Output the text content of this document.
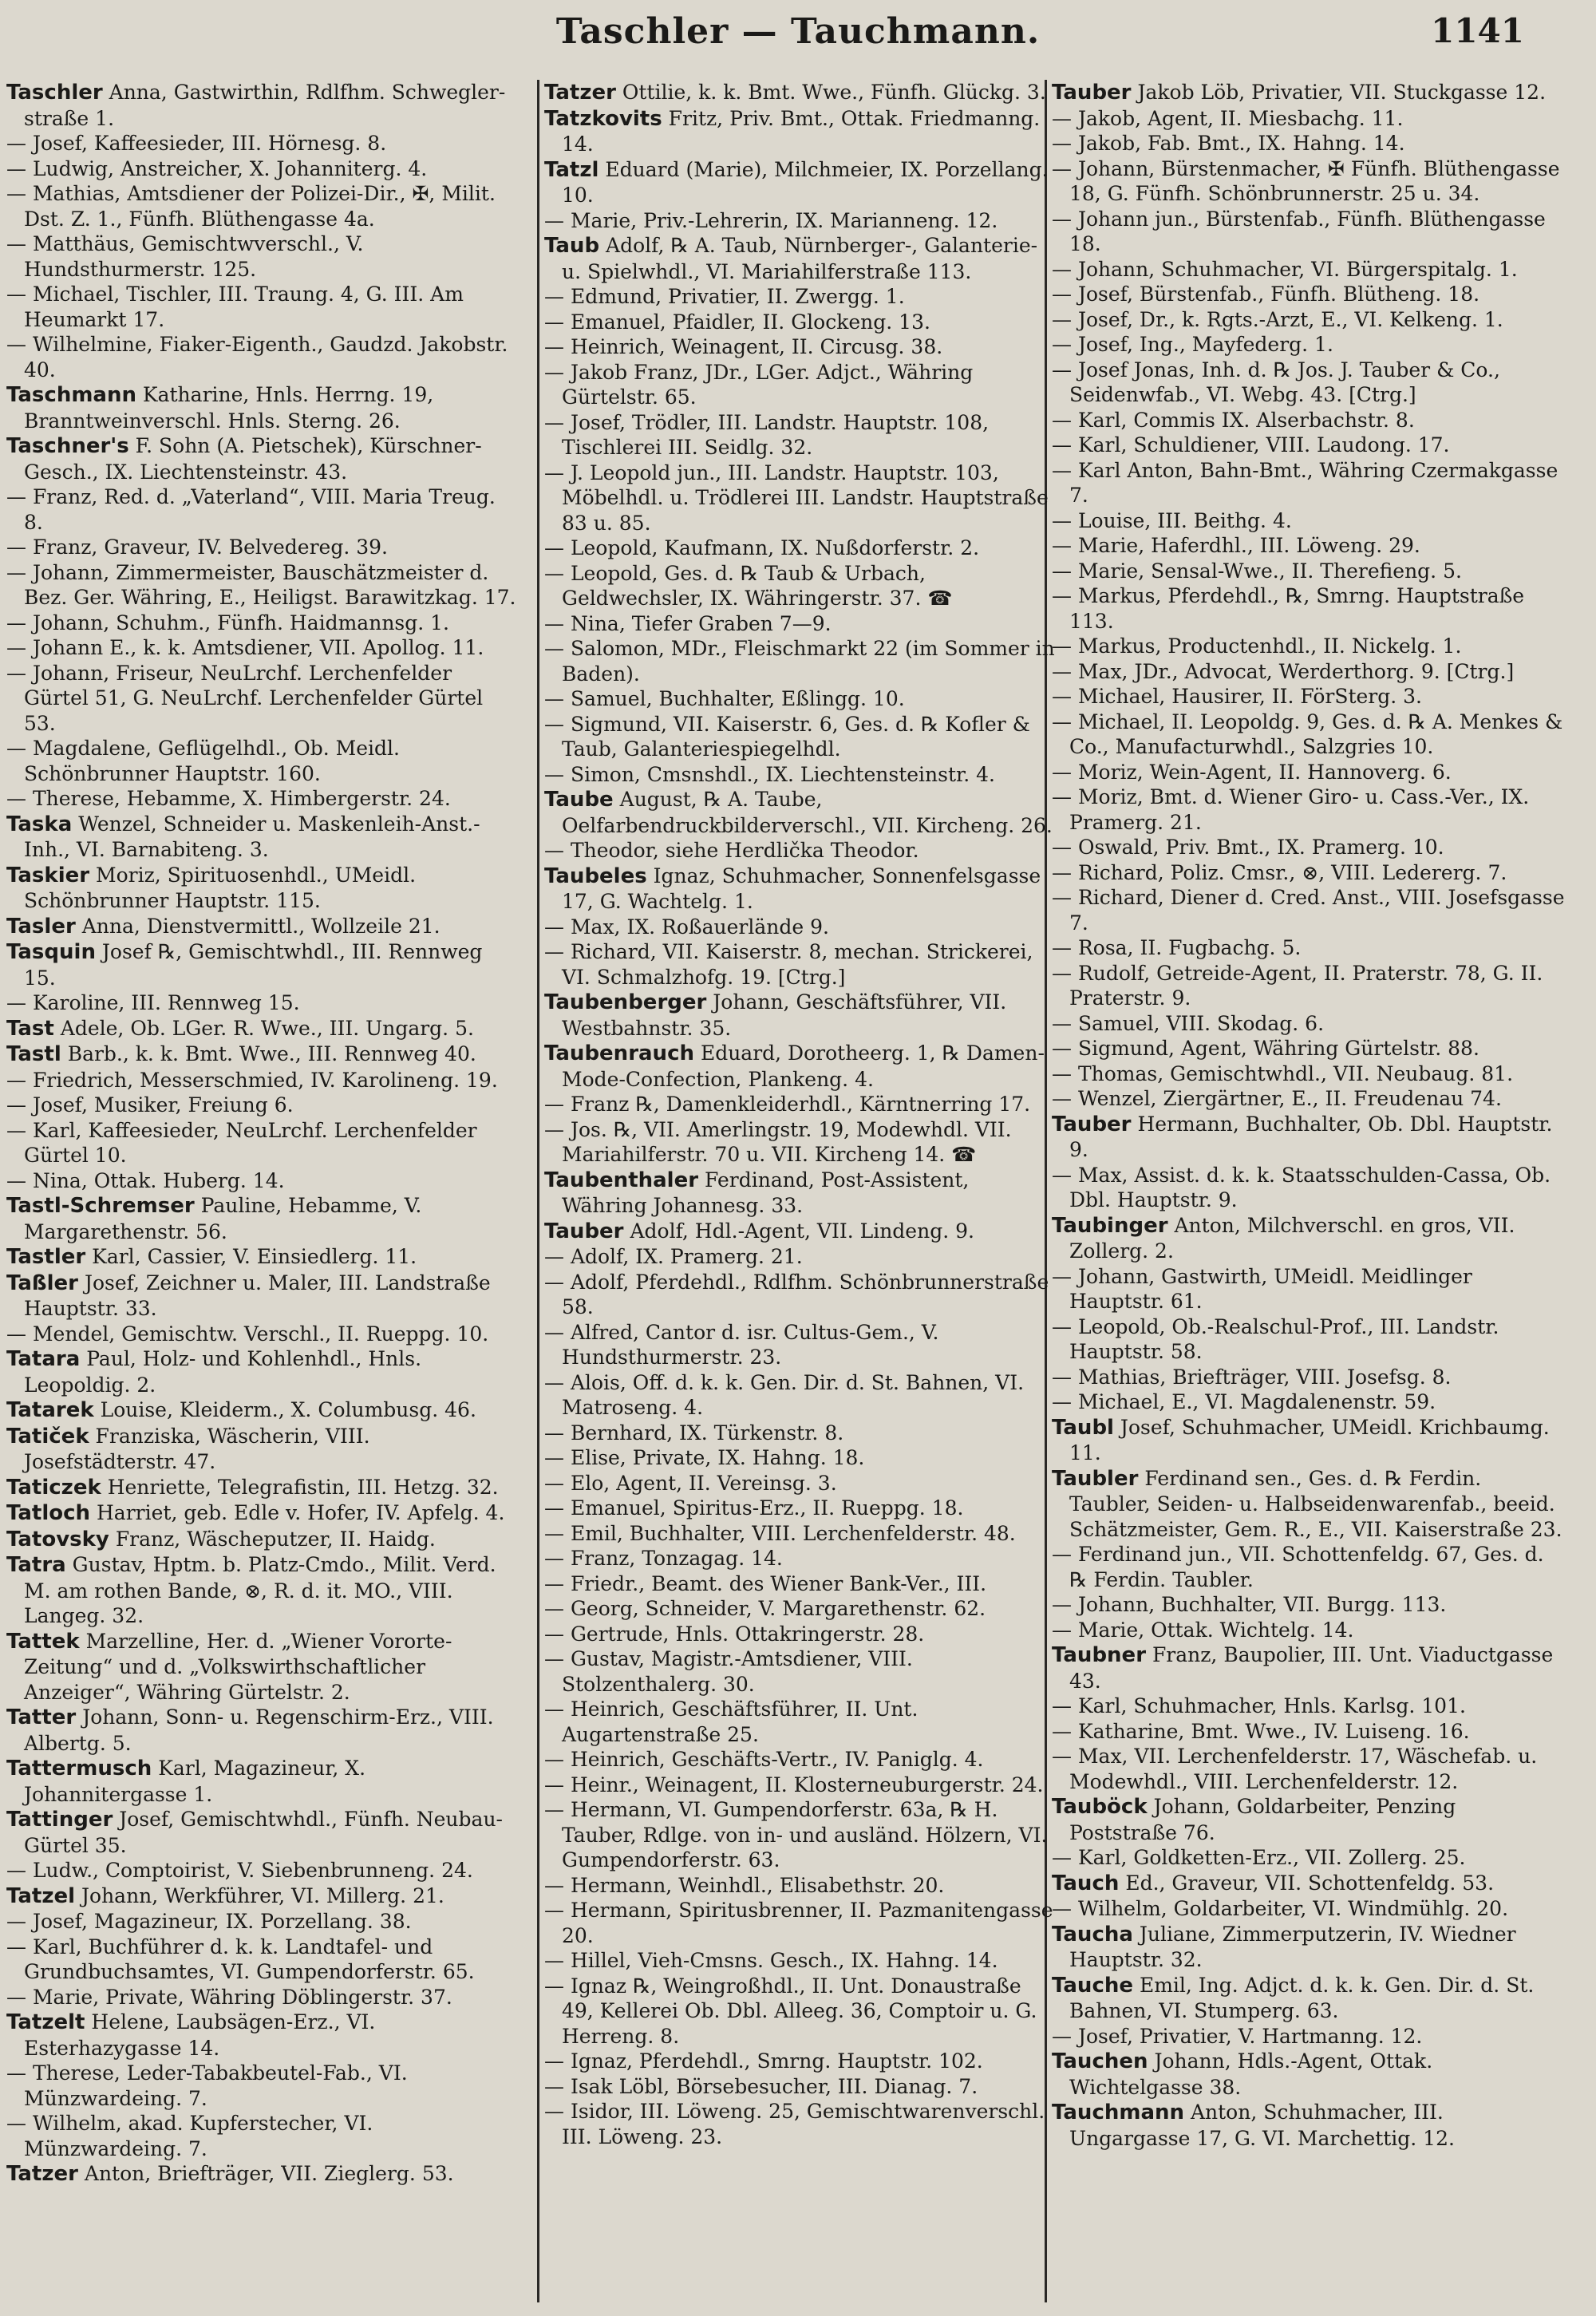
Taschler — Tauchmann.	1141

Taschler Anna, Gastwirthin, Rdlfhm. Schweglerstraße 1.

— Josef, Kaffeesieder, III. Hörnesg. 8.

— Ludwig, Anstreicher, X. Johanniterg. 4.

— Mathias, Amtsdiener der Polizei-Dir., ✠, Milit. Dst. Z. 1., Fünfh. Blüthengasse 4a.

— Matthäus, Gemischtwverschl., V. Hundsthurmerstr. 125.

— Michael, Tischler, III. Traung. 4, G. III. Am Heumarkt 17.

— Wilhelmine, Fiaker-Eigenth., Gaudzd. Jakobstr. 40.

Taschmann Katharine, Hnls. Herrng. 19, Branntweinverschl. Hnls. Sterng. 26.

Taschner's F. Sohn (A. Pietschek), Kürschner-Gesch., IX. Liechtensteinstr. 43.

— Franz, Red. d. „Vaterland“, VIII. Maria Treug. 8.

— Franz, Graveur, IV. Belvedereg. 39.

— Johann, Zimmermeister, Bauschätzmeister d. Bez. Ger. Währing, E., Heiligst. Barawitzkag. 17.

— Johann, Schuhm., Fünfh. Haidmannsg. 1.

— Johann E., k. k. Amtsdiener, VII. Apollog. 11.

— Johann, Friseur, NeuLrchf. Lerchenfelder Gürtel 51, G. NeuLrchf. Lerchenfelder Gürtel 53.

— Magdalene, Geflügelhdl., Ob. Meidl. Schönbrunner Hauptstr. 160.

— Therese, Hebamme, X. Himbergerstr. 24.

Taska Wenzel, Schneider u. Maskenleih-Anst.-Inh., VI. Barnabiteng. 3.

Taskier Moriz, Spirituosenhdl., UMeidl. Schönbrunner Hauptstr. 115.

Tasler Anna, Dienstvermittl., Wollzeile 21.

Tasquin Josef ℞, Gemischtwhdl., III. Rennweg 15.

— Karoline, III. Rennweg 15.

Tast Adele, Ob. LGer. R. Wwe., III. Ungarg. 5.

Tastl Barb., k. k. Bmt. Wwe., III. Rennweg 40.

— Friedrich, Messerschmied, IV. Karolineng. 19.

— Josef, Musiker, Freiung 6.

— Karl, Kaffeesieder, NeuLrchf. Lerchenfelder Gürtel 10.

— Nina, Ottak. Huberg. 14.

Tastl-Schremser Pauline, Hebamme, V. Margarethenstr. 56.

Tastler Karl, Cassier, V. Einsiedlerg. 11.

Taßler Josef, Zeichner u. Maler, III. Landstraße Hauptstr. 33.

— Mendel, Gemischtw. Verschl., II. Rueppg. 10.

Tatara Paul, Holz- und Kohlenhdl., Hnls. Leopoldig. 2.

Tatarek Louise, Kleiderm., X. Columbusg. 46.

Tatiček Franziska, Wäscherin, VIII. Josefstädterstr. 47.

Taticzek Henriette, Telegrafistin, III. Hetzg. 32.

Tatloch Harriet, geb. Edle v. Hofer, IV. Apfelg. 4.

Tatovsky Franz, Wäscheputzer, II. Haidg.

Tatra Gustav, Hptm. b. Platz-Cmdo., Milit. Verd. M. am rothen Bande, ⊗, R. d. it. MO., VIII. Langeg. 32.

Tattek Marzelline, Her. d. „Wiener Vororte-Zeitung“ und d. „Volkswirthschaftlicher Anzeiger“, Währing Gürtelstr. 2.

Tatter Johann, Sonn- u. Regenschirm-Erz., VIII. Albertg. 5.

Tattermusch Karl, Magazineur, X. Johannitergasse 1.

Tattinger Josef, Gemischtwhdl., Fünfh. Neubau-Gürtel 35.

— Ludw., Comptoirist, V. Siebenbrunneng. 24.

Tatzel Johann, Werkführer, VI. Millerg. 21.

— Josef, Magazineur, IX. Porzellang. 38.

— Karl, Buchführer d. k. k. Landtafel- und Grundbuchsamtes, VI. Gumpendorferstr. 65.

— Marie, Private, Währing Döblingerstr. 37.

Tatzelt Helene, Laubsägen-Erz., VI. Esterhazygasse 14.

— Therese, Leder-Tabakbeutel-Fab., VI. Münzwardeing. 7.

— Wilhelm, akad. Kupferstecher, VI. Münzwardeing. 7.

Tatzer Anton, Briefträger, VII. Zieglerg. 53.

Tatzer Ottilie, k. k. Bmt. Wwe., Fünfh. Glückg. 3.

Tatzkovits Fritz, Priv. Bmt., Ottak. Friedmanng. 14.

Tatzl Eduard (Marie), Milchmeier, IX. Porzellang. 10.

— Marie, Priv.-Lehrerin, IX. Marianneng. 12.

Taub Adolf, ℞ A. Taub, Nürnberger-, Galanterie- u. Spielwhdl., VI. Mariahilferstraße 113.

— Edmund, Privatier, II. Zwergg. 1.

— Emanuel, Pfaidler, II. Glockeng. 13.

— Heinrich, Weinagent, II. Circusg. 38.

— Jakob Franz, JDr., LGer. Adjct., Währing Gürtelstr. 65.

— Josef, Trödler, III. Landstr. Hauptstr. 108, Tischlerei III. Seidlg. 32.

— J. Leopold jun., III. Landstr. Hauptstr. 103, Möbelhdl. u. Trödlerei III. Landstr. Hauptstraße 83 u. 85.

— Leopold, Kaufmann, IX. Nußdorferstr. 2.

— Leopold, Ges. d. ℞ Taub & Urbach, Geldwechsler, IX. Währingerstr. 37. ☎

— Nina, Tiefer Graben 7—9.

— Salomon, MDr., Fleischmarkt 22 (im Sommer in Baden).

— Samuel, Buchhalter, Eßlingg. 10.

— Sigmund, VII. Kaiserstr. 6, Ges. d. ℞ Kofler & Taub, Galanteriespiegelhdl.

— Simon, Cmsnshdl., IX. Liechtensteinstr. 4.

Taube August, ℞ A. Taube, Oelfarbendruckbilderverschl., VII. Kircheng. 26.

— Theodor, siehe Herdlička Theodor.

Taubeles Ignaz, Schuhmacher, Sonnenfelsgasse 17, G. Wachtelg. 1.

— Max, IX. Roßauerlände 9.

— Richard, VII. Kaiserstr. 8, mechan. Strickerei, VI. Schmalzhofg. 19. [Ctrg.]

Taubenberger Johann, Geschäftsführer, VII. Westbahnstr. 35.

Taubenrauch Eduard, Dorotheerg. 1, ℞ Damen-Mode-Confection, Plankeng. 4.

— Franz ℞, Damenkleiderhdl., Kärntnerring 17.

— Jos. ℞, VII. Amerlingstr. 19, Modewhdl. VII. Mariahilferstr. 70 u. VII. Kircheng 14. ☎

Taubenthaler Ferdinand, Post-Assistent, Währing Johannesg. 33.

Tauber Adolf, Hdl.-Agent, VII. Lindeng. 9.

— Adolf, IX. Pramerg. 21.

— Adolf, Pferdehdl., Rdlfhm. Schönbrunnerstraße 58.

— Alfred, Cantor d. isr. Cultus-Gem., V. Hundsthurmerstr. 23.

— Alois, Off. d. k. k. Gen. Dir. d. St. Bahnen, VI. Matroseng. 4.

— Bernhard, IX. Türkenstr. 8.

— Elise, Private, IX. Hahng. 18.

— Elo, Agent, II. Vereinsg. 3.

— Emanuel, Spiritus-Erz., II. Rueppg. 18.

— Emil, Buchhalter, VIII. Lerchenfelderstr. 48.

— Franz, Tonzagag. 14.

— Friedr., Beamt. des Wiener Bank-Ver., III.

— Georg, Schneider, V. Margarethenstr. 62.

— Gertrude, Hnls. Ottakringerstr. 28.

— Gustav, Magistr.-Amtsdiener, VIII. Stolzenthalerg. 30.

— Heinrich, Geschäftsführer, II. Unt. Augartenstraße 25.

— Heinrich, Geschäfts-Vertr., IV. Paniglg. 4.

— Heinr., Weinagent, II. Klosterneuburgerstr. 24.

— Hermann, VI. Gumpendorferstr. 63a, ℞ H. Tauber, Rdlge. von in- und ausländ. Hölzern, VI. Gumpendorferstr. 63.

— Hermann, Weinhdl., Elisabethstr. 20.

— Hermann, Spiritusbrenner, II. Pazmanitengasse 20.

— Hillel, Vieh-Cmsns. Gesch., IX. Hahng. 14.

— Ignaz ℞, Weingroßhdl., II. Unt. Donaustraße 49, Kellerei Ob. Dbl. Alleeg. 36, Comptoir u. G. Herreng. 8.

— Ignaz, Pferdehdl., Smrng. Hauptstr. 102.

— Isak Löbl, Börsebesucher, III. Dianag. 7.

— Isidor, III. Löweng. 25, Gemischtwarenverschl. III. Löweng. 23.

Tauber Jakob Löb, Privatier, VII. Stuckgasse 12.

— Jakob, Agent, II. Miesbachg. 11.

— Jakob, Fab. Bmt., IX. Hahng. 14.

— Johann, Bürstenmacher, ✠ Fünfh. Blüthengasse 18, G. Fünfh. Schönbrunnerstr. 25 u. 34.

— Johann jun., Bürstenfab., Fünfh. Blüthengasse 18.

— Johann, Schuhmacher, VI. Bürgerspitalg. 1.

— Josef, Bürstenfab., Fünfh. Blütheng. 18.

— Josef, Dr., k. Rgts.-Arzt, E., VI. Kelkeng. 1.

— Josef, Ing., Mayfederg. 1.

— Josef Jonas, Inh. d. ℞ Jos. J. Tauber & Co., Seidenwfab., VI. Webg. 43. [Ctrg.]

— Karl, Commis IX. Alserbachstr. 8.

— Karl, Schuldiener, VIII. Laudong. 17.

— Karl Anton, Bahn-Bmt., Währing Czermakgasse 7.

— Louise, III. Beithg. 4.

— Marie, Haferdhl., III. Löweng. 29.

— Marie, Sensal-Wwe., II. Therefieng. 5.

— Markus, Pferdehdl., ℞, Smrng. Hauptstraße 113.

— Markus, Productenhdl., II. Nickelg. 1.

— Max, JDr., Advocat, Werderthorg. 9. [Ctrg.]

— Michael, Hausirer, II. FörSterg. 3.

— Michael, II. Leopoldg. 9, Ges. d. ℞ A. Menkes & Co., Manufacturwhdl., Salzgries 10.

— Moriz, Wein-Agent, II. Hannoverg. 6.

— Moriz, Bmt. d. Wiener Giro- u. Cass.-Ver., IX. Pramerg. 21.

— Oswald, Priv. Bmt., IX. Pramerg. 10.

— Richard, Poliz. Cmsr., ⊗, VIII. Ledererg. 7.

— Richard, Diener d. Cred. Anst., VIII. Josefsgasse 7.

— Rosa, II. Fugbachg. 5.

— Rudolf, Getreide-Agent, II. Praterstr. 78, G. II. Praterstr. 9.

— Samuel, VIII. Skodag. 6.

— Sigmund, Agent, Währing Gürtelstr. 88.

— Thomas, Gemischtwhdl., VII. Neubaug. 81.

— Wenzel, Ziergärtner, E., II. Freudenau 74.

Tauber Hermann, Buchhalter, Ob. Dbl. Hauptstr. 9.

— Max, Assist. d. k. k. Staatsschulden-Cassa, Ob. Dbl. Hauptstr. 9.

Taubinger Anton, Milchverschl. en gros, VII. Zollerg. 2.

— Johann, Gastwirth, UMeidl. Meidlinger Hauptstr. 61.

— Leopold, Ob.-Realschul-Prof., III. Landstr. Hauptstr. 58.

— Mathias, Briefträger, VIII. Josefsg. 8.

— Michael, E., VI. Magdalenenstr. 59.

Taubl Josef, Schuhmacher, UMeidl. Krichbaumg. 11.

Taubler Ferdinand sen., Ges. d. ℞ Ferdin. Taubler, Seiden- u. Halbseidenwarenfab., beeid. Schätzmeister, Gem. R., E., VII. Kaiserstraße 23.

— Ferdinand jun., VII. Schottenfeldg. 67, Ges. d. ℞ Ferdin. Taubler.

— Johann, Buchhalter, VII. Burgg. 113.

— Marie, Ottak. Wichtelg. 14.

Taubner Franz, Baupolier, III. Unt. Viaductgasse 43.

— Karl, Schuhmacher, Hnls. Karlsg. 101.

— Katharine, Bmt. Wwe., IV. Luiseng. 16.

— Max, VII. Lerchenfelderstr. 17, Wäschefab. u. Modewhdl., VIII. Lerchenfelderstr. 12.

Tauböck Johann, Goldarbeiter, Penzing Poststraße 76.

— Karl, Goldketten-Erz., VII. Zollerg. 25.

Tauch Ed., Graveur, VII. Schottenfeldg. 53.

— Wilhelm, Goldarbeiter, VI. Windmühlg. 20.

Taucha Juliane, Zimmerputzerin, IV. Wiedner Hauptstr. 32.

Tauche Emil, Ing. Adjct. d. k. k. Gen. Dir. d. St. Bahnen, VI. Stumperg. 63.

— Josef, Privatier, V. Hartmanng. 12.

Tauchen Johann, Hdls.-Agent, Ottak. Wichtelgasse 38.

Tauchmann Anton, Schuhmacher, III. Ungargasse 17, G. VI. Marchettig. 12.
